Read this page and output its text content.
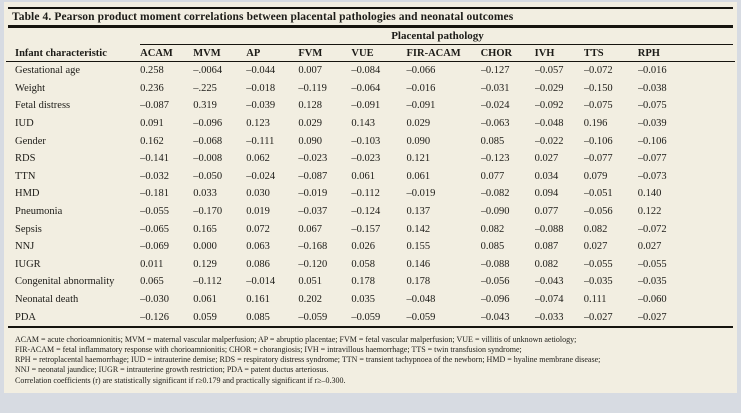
Table 4. Pearson product moment correlations between placental pathologies and neonatal outcomes
Placental pathology
Infant characteristic	ACAM	MVM	AP	FVM	VUE	FIR-ACAM	CHOR	IVH	TTS	RPH
Gestational age	0.258	–.0064	–0.044	0.007	–0.084	–0.066	–0.127	–0.057	–0.072	–0.016
Weight	0.236	–.225	–0.018	–0.119	–0.064	–0.016	–0.031	–0.029	–0.150	–0.038
Fetal distress	–0.087	0.319	–0.039	0.128	–0.091	–0.091	–0.024	–0.092	–0.075	–0.075
IUD	0.091	–0.096	0.123	0.029	0.143	0.029	–0.063	–0.048	0.196	–0.039
Gender	0.162	–0.068	–0.111	0.090	–0.103	0.090	0.085	–0.022	–0.106	–0.106
RDS	–0.141	–0.008	0.062	–0.023	–0.023	0.121	–0.123	0.027	–0.077	–0.077
TTN	–0.032	–0.050	–0.024	–0.087	0.061	0.061	0.077	0.034	0.079	–0.073
HMD	–0.181	0.033	0.030	–0.019	–0.112	–0.019	–0.082	0.094	–0.051	0.140
Pneumonia	–0.055	–0.170	0.019	–0.037	–0.124	0.137	–0.090	0.077	–0.056	0.122
Sepsis	–0.065	0.165	0.072	0.067	–0.157	0.142	0.082	–0.088	0.082	–0.072
NNJ	–0.069	0.000	0.063	–0.168	0.026	0.155	0.085	0.087	0.027	0.027
IUGR	0.011	0.129	0.086	–0.120	0.058	0.146	–0.088	0.082	–0.055	–0.055
Congenital abnormality	0.065	–0.112	–0.014	0.051	0.178	0.178	–0.056	–0.043	–0.035	–0.035
Neonatal death	–0.030	0.061	0.161	0.202	0.035	–0.048	–0.096	–0.074	0.111	–0.060
PDA	–0.126	0.059	0.085	–0.059	–0.059	–0.059	–0.043	–0.033	–0.027	–0.027
ACAM = acute chorioamnionitis; MVM = maternal vascular malperfusion; AP = abruptio placentae; FVM = fetal vascular malperfusion; VUE = villitis of unknown aetiology;
FIR-ACAM = fetal inflammatory response with chorioamnionitis; CHOR = chorangiosis; IVH = intravillous haemorrhage; TTS = twin transfusion syndrome;
RPH = retroplacental haemorrhage; IUD = intrauterine demise; RDS = respiratory distress syndrome; TTN = transient tachypnoea of the newborn; HMD = hyaline membrane disease;
NNJ = neonatal jaundice; IUGR = intrauterine growth restriction; PDA = patent ductus arteriosus.
Correlation coefficients (r) are statistically significant if r≥0.179 and practically significant if r≥–0.300.
